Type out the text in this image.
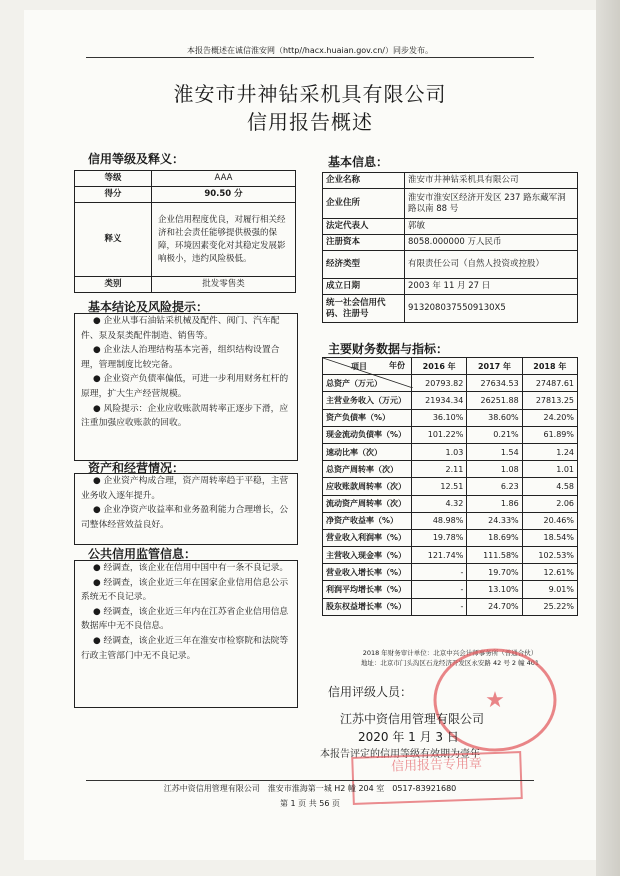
本报告概述在诚信淮安网（http//hacx.huaian.gov.cn/）同步发布。
淮安市井神钻采机具有限公司
信用报告概述
信用等级及释义：
等级	AAA
得分	90.50 分
释义	企业信用程度优良，对履行相关经济和社会责任能够提供极强的保障，环境因素变化对其稳定发展影响极小，违约风险极低。
类别	批发零售类
基本结论及风险提示：

● 企业从事石油钻采机械及配件、阀门、汽车配件、泵及泵类配件制造、销售等。

● 企业法人治理结构基本完善，组织结构设置合理，管理制度比较完备。

● 企业资产负债率偏低，可进一步利用财务杠杆的原理，扩大生产经营规模。

● 风险提示：企业应收账款周转率正逐步下滑，应注重加强应收账款的回收。

资产和经营情况：

● 企业资产构成合理，资产周转率趋于平稳，主营业务收入逐年提升。

● 企业净资产收益率和业务盈利能力合理增长，公司整体经营效益良好。

公共信用监管信息：

● 经调查，该企业在信用中国中有一条不良记录。

● 经调查，该企业近三年在国家企业信用信息公示系统无不良记录。

● 经调查，该企业近三年内在江苏省企业信用信息数据库中无不良信息。

● 经调查，该企业近三年在淮安市检察院和法院等行政主管部门中无不良记录。

基本信息：
企业名称	淮安市井神钻采机具有限公司
企业住所	淮安市淮安区经济开发区 237 路东藏军洞路以南 88 号
法定代表人	郭敏
注册资本	8058.000000 万人民币
经济类型	有限责任公司（自然人投资或控股）
成立日期	2003 年 11 月 27 日
统一社会信用代码、注册号	9132080375509130X5
主要财务数据与指标：
年份
项目	2016 年	2017 年	2018 年
总资产（万元）	20793.82	27634.53	27487.61
主营业务收入（万元）	21934.34	26251.88	27813.25
资产负债率（%）	36.10%	38.60%	24.20%
现金流动负债率（%）	101.22%	0.21%	61.89%
速动比率（次）	1.03	1.54	1.24
总资产周转率（次）	2.11	1.08	1.01
应收账款周转率（次）	12.51	6.23	4.58
流动资产周转率（次）	4.32	1.86	2.06
净资产收益率（%）	48.98%	24.33%	20.46%
营业收入利润率（%）	19.78%	18.69%	18.54%
主营收入现金率（%）	121.74%	111.58%	102.53%
营业收入增长率（%）	-	19.70%	12.61%
利润平均增长率（%）	-	13.10%	9.01%
股东权益增长率（%）	-	24.70%	25.22%
2018 年财务审计单位：北京中兴会计师事务所（普通合伙）
地址：北京市门头沟区石龙经济开发区永安路 42 号 2 幢 401
信用评级人员：	★
江苏中资信用管理有限公司
2020 年 1 月 3 日
本报告评定的信用等级有效期为壹年
信用报告专用章
江苏中资信用管理有限公司　淮安市淮海第一城 H2 幢 204 室　0517-83921680
第 1 页 共 56 页
